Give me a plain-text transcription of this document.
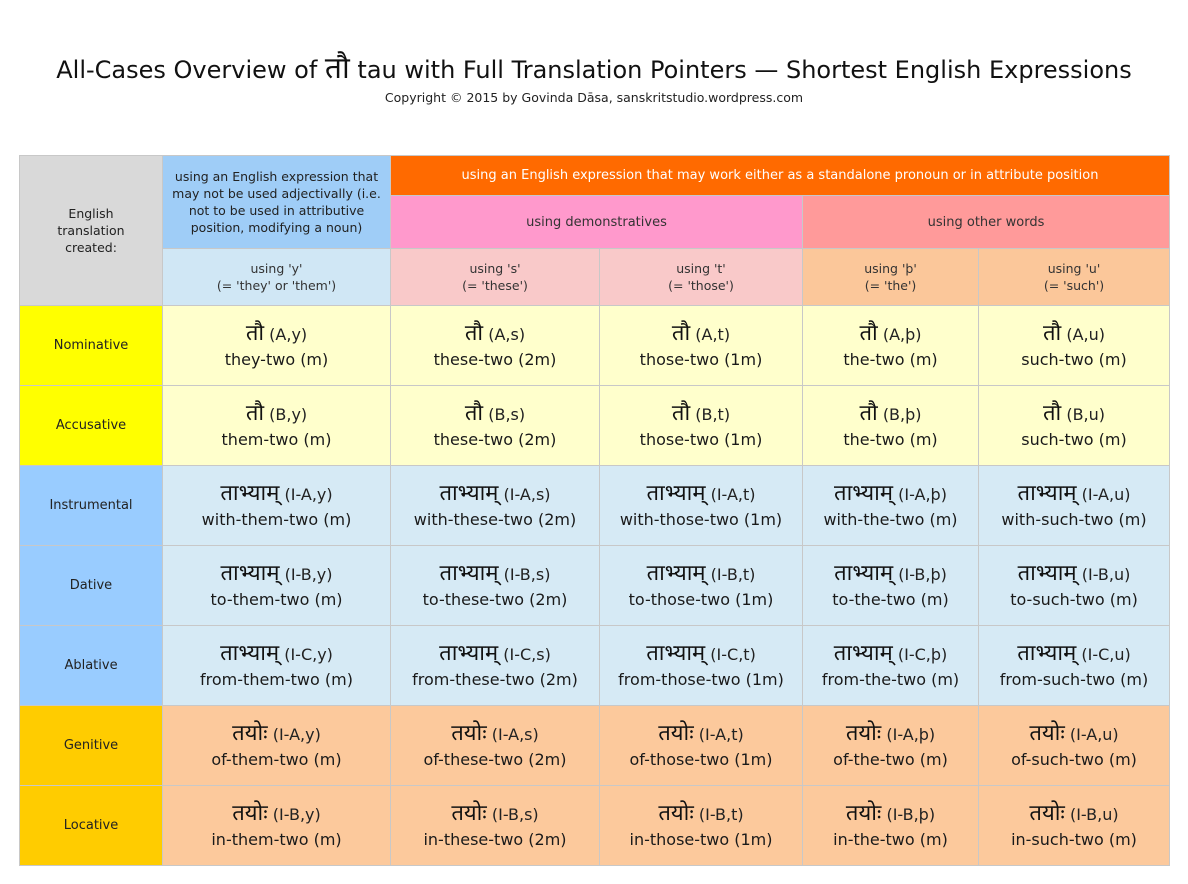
All-Cases Overview of तौ tau with Full Translation Pointers — Shortest English Expressions
Copyright © 2015 by Govinda Dāsa, sanskritstudio.wordpress.com
English translation created:	using an English expression that may not be used adjectivally (i.e. not to be used in attributive position, modifying a noun)	using an English expression that may work either as a standalone pronoun or in attribute position			
		using demonstratives		using other words	
	using 'y'
(= 'they' or 'them')	using 's'
(= 'these')	using 't'
(= 'those')	using 'þ'
(= 'the')	using 'u'
(= 'such')
Nominative	तौ (A,y)
they-two (m)	तौ (A,s)
these-two (2m)	तौ (A,t)
those-two (1m)	तौ (A,þ)
the-two (m)	तौ (A,u)
such-two (m)

Accusative	तौ (B,y)
them-two (m)	तौ (B,s)
these-two (2m)	तौ (B,t)
those-two (1m)	तौ (B,þ)
the-two (m)	तौ (B,u)
such-two (m)

Instrumental	ताभ्याम् (I-A,y)
with-them-two (m)	ताभ्याम् (I-A,s)
with-these-two (2m)	ताभ्याम् (I-A,t)
with-those-two (1m)	ताभ्याम् (I-A,þ)
with-the-two (m)	ताभ्याम् (I-A,u)
with-such-two (m)

Dative	ताभ्याम् (I-B,y)
to-them-two (m)	ताभ्याम् (I-B,s)
to-these-two (2m)	ताभ्याम् (I-B,t)
to-those-two (1m)	ताभ्याम् (I-B,þ)
to-the-two (m)	ताभ्याम् (I-B,u)
to-such-two (m)

Ablative	ताभ्याम् (I-C,y)
from-them-two (m)	ताभ्याम् (I-C,s)
from-these-two (2m)	ताभ्याम् (I-C,t)
from-those-two (1m)	ताभ्याम् (I-C,þ)
from-the-two (m)	ताभ्याम् (I-C,u)
from-such-two (m)

Genitive	तयोः (I-A,y)
of-them-two (m)	तयोः (I-A,s)
of-these-two (2m)	तयोः (I-A,t)
of-those-two (1m)	तयोः (I-A,þ)
of-the-two (m)	तयोः (I-A,u)
of-such-two (m)

Locative	तयोः (I-B,y)
in-them-two (m)	तयोः (I-B,s)
in-these-two (2m)	तयोः (I-B,t)
in-those-two (1m)	तयोः (I-B,þ)
in-the-two (m)	तयोः (I-B,u)
in-such-two (m)
